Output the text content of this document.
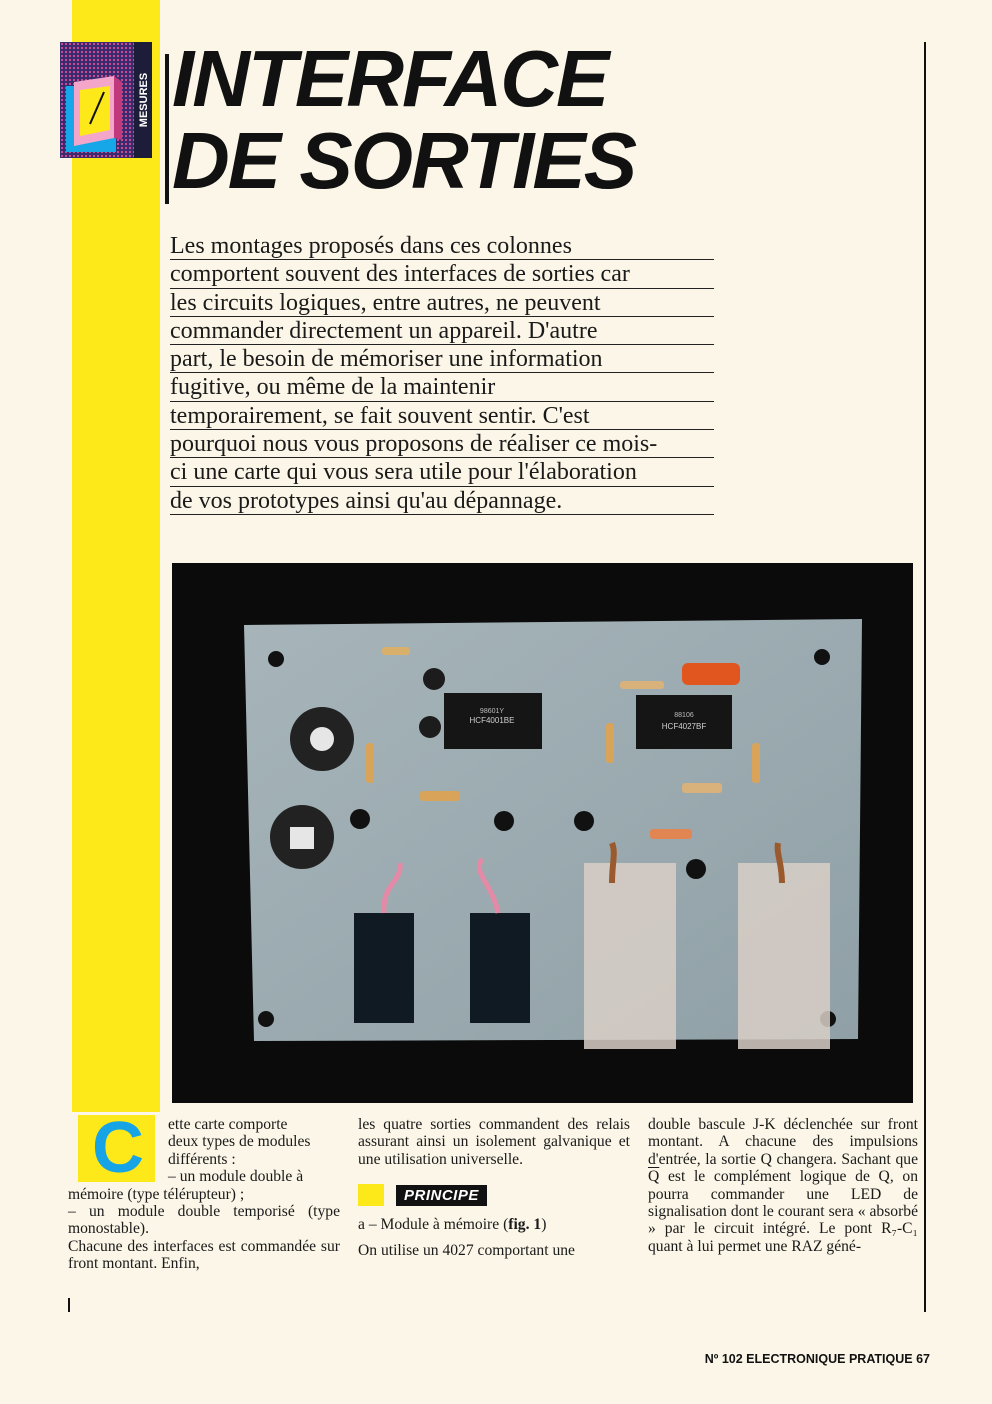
MESURES INTERFACE
DE SORTIES

Les montages proposés dans ces colonnes
comportent souvent des interfaces de sorties car
les circuits logiques, entre autres, ne peuvent
commander directement un appareil. D'autre
part, le besoin de mémoriser une information
fugitive, ou même de la maintenir
temporairement, se fait souvent sentir. C'est
pourquoi nous vous proposons de réaliser ce mois-
ci une carte qui vous sera utile pour l'élaboration
de vos prototypes ainsi qu'au dépannage.

HCF4001BE
98601Y
HCF4027BF
88106
C	ette carte comporte
deux types de modules
différents :
– un module double à
mémoire (type télérupteur) ;

– un module double temporisé (type monostable).

Chacune des interfaces est commandée sur front montant. Enfin,

les quatre sorties commandent des relais assurant ainsi un isolement galvanique et une utilisation universelle.

PRINCIPE

a – Module à mémoire (fig. 1)

On utilise un 4027 comportant une

double bascule J-K déclenchée sur front montant. A chacune des impulsions d'entrée, la sortie Q changera. Sachant que $\overline{Q}$ est le complément logique de Q, on pourra commander une LED de signalisation dont le courant sera « absorbé » par le circuit intégré. Le pont R₇-C₁ quant à lui permet une RAZ géné-

Nº 102 ELECTRONIQUE PRATIQUE 67
